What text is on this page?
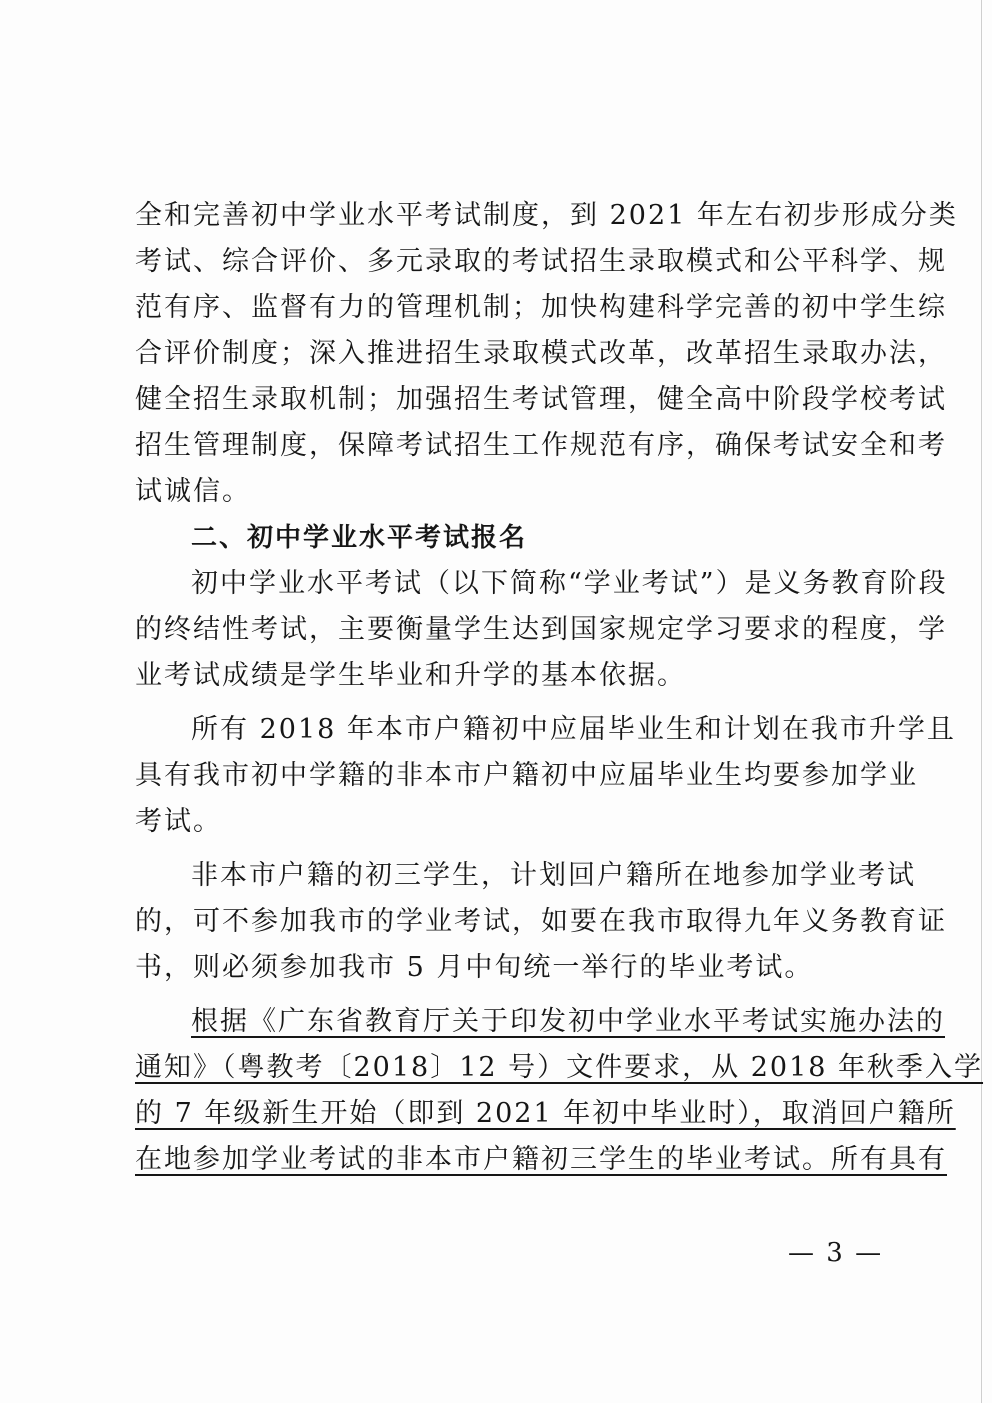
全和完善初中学业水平考试制度，到 2021 年左右初步形成分类
考试、综合评价、多元录取的考试招生录取模式和公平科学、规
范有序、监督有力的管理机制；加快构建科学完善的初中学生综
合评价制度；深入推进招生录取模式改革，改革招生录取办法，
健全招生录取机制；加强招生考试管理，健全高中阶段学校考试
招生管理制度，保障考试招生工作规范有序，确保考试安全和考
试诚信。
二、初中学业水平考试报名
初中学业水平考试（以下简称“学业考试”）是义务教育阶段
的终结性考试，主要衡量学生达到国家规定学习要求的程度，学
业考试成绩是学生毕业和升学的基本依据。
所有 2018 年本市户籍初中应届毕业生和计划在我市升学且
具有我市初中学籍的非本市户籍初中应届毕业生均要参加学业
考试。
非本市户籍的初三学生，计划回户籍所在地参加学业考试
的，可不参加我市的学业考试，如要在我市取得九年义务教育证
书，则必须参加我市 5 月中旬统一举行的毕业考试。
根据《广东省教育厅关于印发初中学业水平考试实施办法的
通知》（粤教考〔2018〕12 号）文件要求，从 2018 年秋季入学
的 7 年级新生开始（即到 2021 年初中毕业时），取消回户籍所
在地参加学业考试的非本市户籍初三学生的毕业考试。所有具有
— 3 —
